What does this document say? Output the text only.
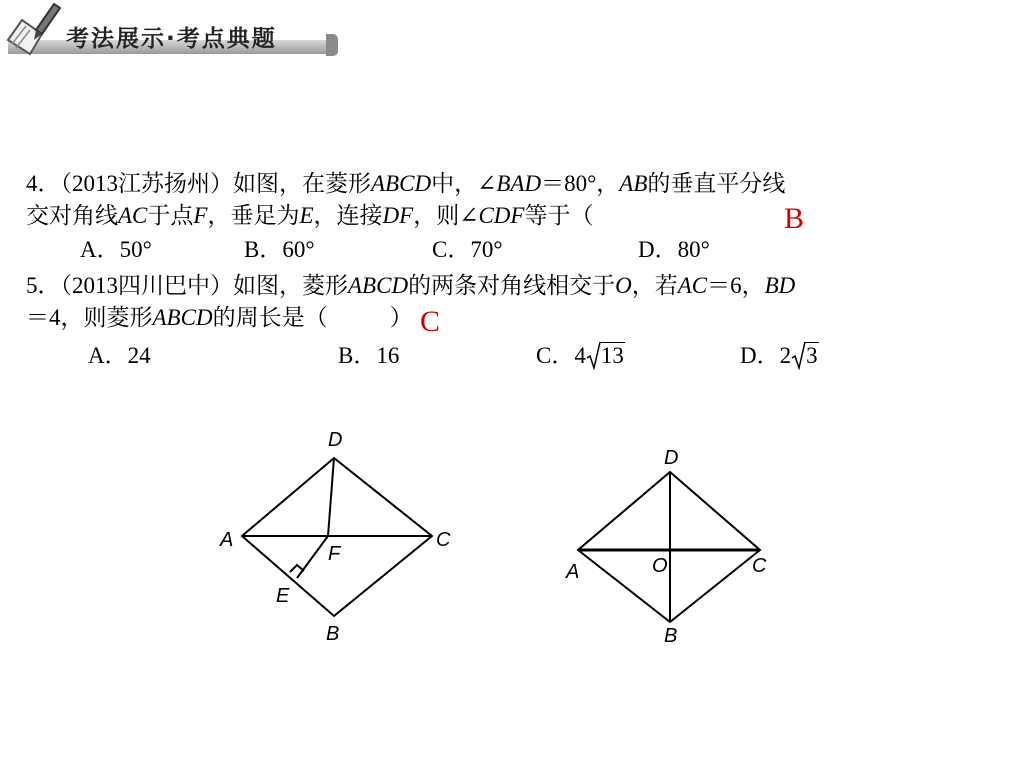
考法展示·考点典题
4．（2013江苏扬州）如图，在菱形ABCD中，∠BAD＝80°，AB的垂直平分线
交对角线AC于点F，垂足为E，连接DF，则∠CDF等于（	B
A．50°	B．60°	C．70°	D．80°
5．（2013四川巴中）如图，菱形ABCD的两条对角线相交于O，若AC＝6，BD
＝4，则菱形ABCD的周长是（	） C
A．24	B．16	C．4 13	D．2 3
D
A	C
F
E
B
D
A	O	C
B
